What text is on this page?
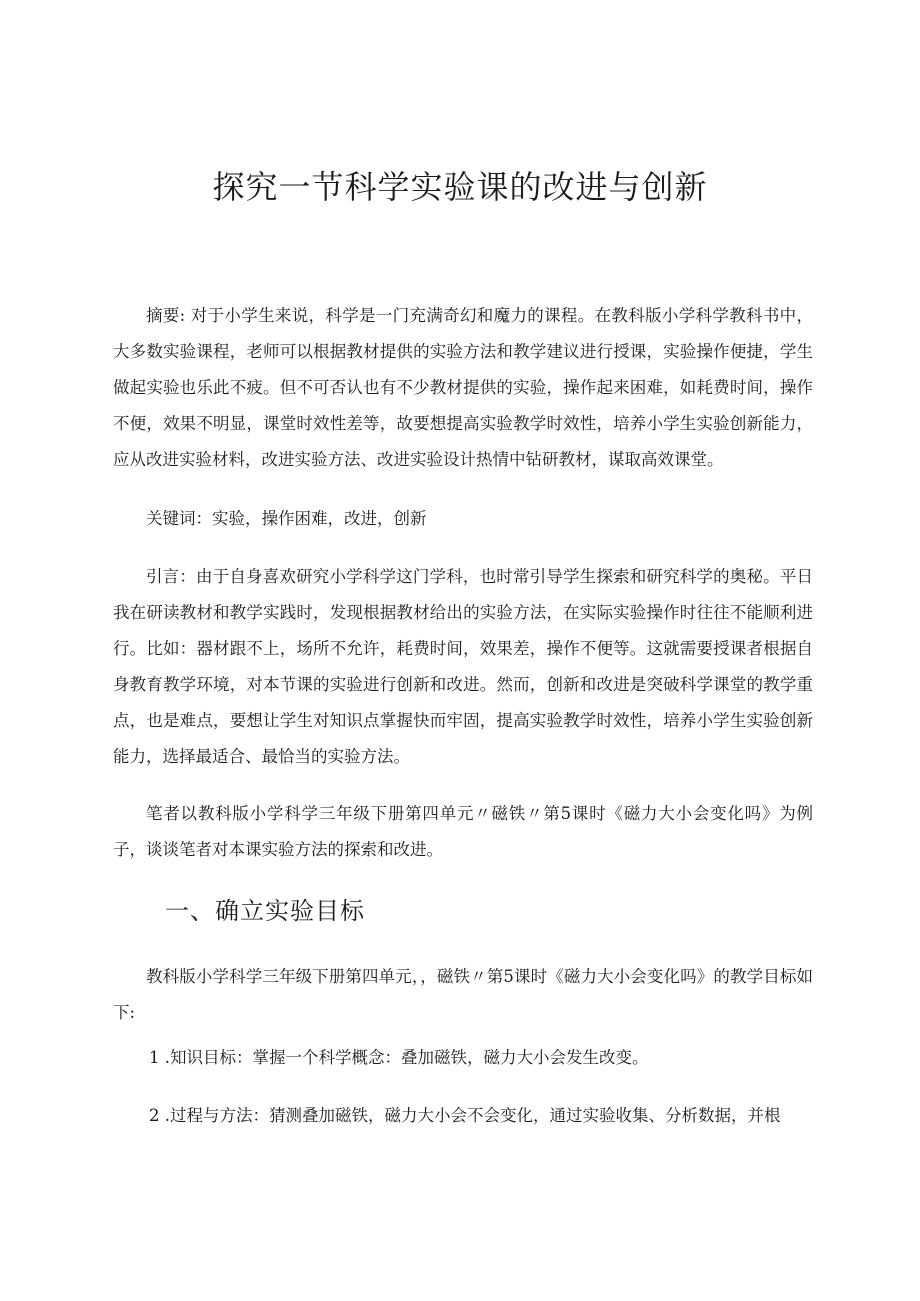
探究一节科学实验课的改进与创新

摘要: 对于小学生来说，科学是一门充满奇幻和魔力的课程。在教科版小学科学教科书中，大多数实验课程，老师可以根据教材提供的实验方法和教学建议进行授课，实验操作便捷，学生做起实验也乐此不疲。但不可否认也有不少教材提供的实验，操作起来困难，如耗费时间，操作不便，效果不明显，课堂时效性差等，故要想提高实验教学时效性，培养小学生实验创新能力，应从改进实验材料，改进实验方法、改进实验设计热情中钻研教材，谋取高效课堂。

关键词：实验，操作困难，改进，创新

引言：由于自身喜欢研究小学科学这门学科，也时常引导学生探索和研究科学的奥秘。平日我在研读教材和教学实践时，发现根据教材给出的实验方法，在实际实验操作时往往不能顺利进行。比如：器材跟不上，场所不允许，耗费时间，效果差，操作不便等。这就需要授课者根据自身教育教学环境，对本节课的实验进行创新和改进。然而，创新和改进是突破科学课堂的教学重点，也是难点，要想让学生对知识点掌握快而牢固，提高实验教学时效性，培养小学生实验创新能力，选择最适合、最恰当的实验方法。

笔者以教科版小学科学三年级下册第四单元〃磁铁〃第5课时《磁力大小会变化吗》为例子，谈谈笔者对本课实验方法的探索和改进。

一、确立实验目标

教科版小学科学三年级下册第四单元，，磁铁〃第5课时《磁力大小会变化吗》的教学目标如下:

1 .知识目标：掌握一个科学概念：叠加磁铁，磁力大小会发生改变。

2 .过程与方法：猜测叠加磁铁，磁力大小会不会变化，通过实验收集、分析数据，并根
